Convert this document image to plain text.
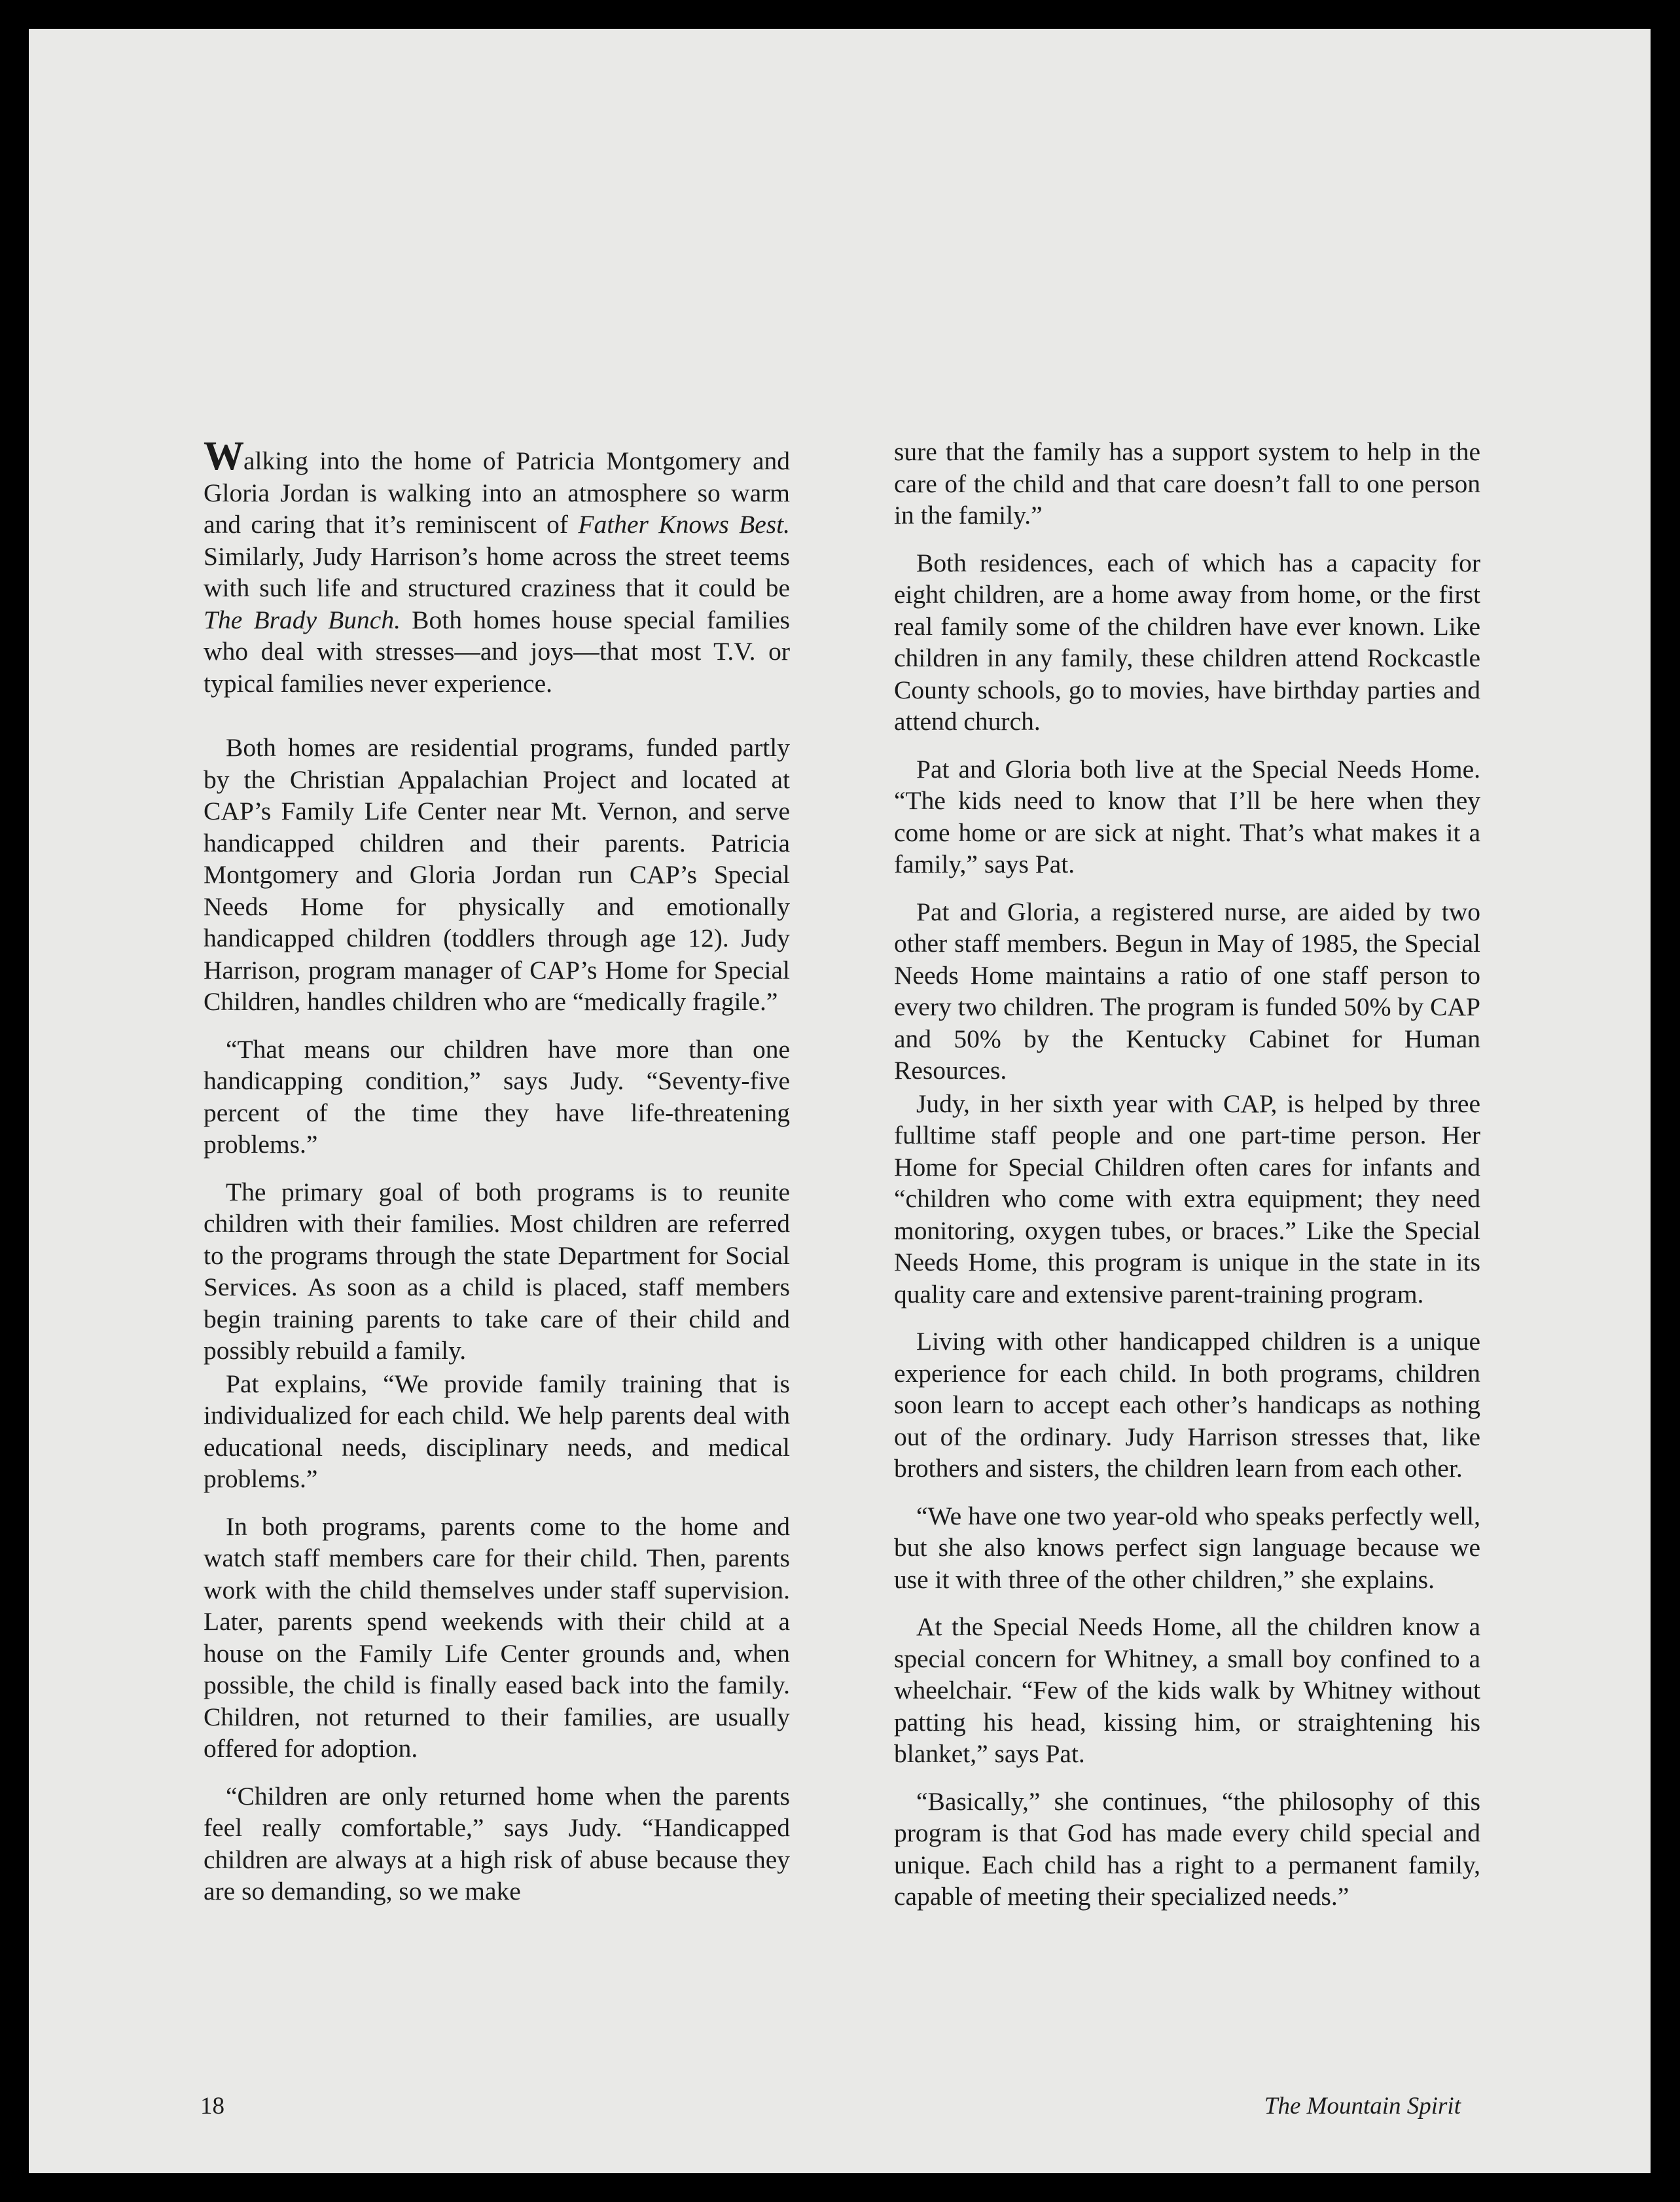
Walking into the home of Patricia Montgomery and Gloria Jordan is walking into an atmosphere so warm and caring that it’s reminiscent of Father Knows Best. Similarly, Judy Harrison’s home across the street teems with such life and structured craziness that it could be The Brady Bunch. Both homes house special families who deal with stresses—and joys—that most T.V. or typical families never experience.

Both homes are residential programs, funded partly by the Christian Appalachian Project and located at CAP’s Family Life Center near Mt. Vernon, and serve handicapped children and their parents. Patricia Montgomery and Gloria Jordan run CAP’s Special Needs Home for physically and emotionally handicapped children (toddlers through age 12). Judy Harrison, program manager of CAP’s Home for Special Children, handles children who are “medically fragile.”

“That means our children have more than one handicapping condition,” says Judy. “Seventy-five percent of the time they have life-threatening problems.”

The primary goal of both programs is to reunite children with their families. Most children are referred to the programs through the state Department for Social Services. As soon as a child is placed, staff members begin training parents to take care of their child and possibly rebuild a family.

Pat explains, “We provide family training that is individualized for each child. We help parents deal with educational needs, disciplinary needs, and medical problems.”

In both programs, parents come to the home and watch staff members care for their child. Then, parents work with the child themselves under staff supervision. Later, parents spend weekends with their child at a house on the Family Life Center grounds and, when possible, the child is finally eased back into the family. Children, not returned to their families, are usually offered for adoption.

“Children are only returned home when the parents feel really comfortable,” says Judy. “Handicapped children are always at a high risk of abuse because they are so demanding, so we make

sure that the family has a support system to help in the care of the child and that care doesn’t fall to one person in the family.”

Both residences, each of which has a capacity for eight children, are a home away from home, or the first real family some of the children have ever known. Like children in any family, these children attend Rockcastle County schools, go to movies, have birthday parties and attend church.

Pat and Gloria both live at the Special Needs Home. “The kids need to know that I’ll be here when they come home or are sick at night. That’s what makes it a family,” says Pat.

Pat and Gloria, a registered nurse, are aided by two other staff members. Begun in May of 1985, the Special Needs Home maintains a ratio of one staff person to every two children. The program is funded 50% by CAP and 50% by the Kentucky Cabinet for Human Resources.

Judy, in her sixth year with CAP, is helped by three fulltime staff people and one part-time person. Her Home for Special Children often cares for infants and “children who come with extra equipment; they need monitoring, oxygen tubes, or braces.” Like the Special Needs Home, this program is unique in the state in its quality care and extensive parent-training program.

Living with other handicapped children is a unique experience for each child. In both programs, children soon learn to accept each other’s handicaps as nothing out of the ordinary. Judy Harrison stresses that, like brothers and sisters, the children learn from each other.

“We have one two year-old who speaks perfectly well, but she also knows perfect sign language because we use it with three of the other children,” she explains.

At the Special Needs Home, all the children know a special concern for Whitney, a small boy confined to a wheelchair. “Few of the kids walk by Whitney without patting his head, kissing him, or straightening his blanket,” says Pat.

“Basically,” she continues, “the philosophy of this program is that God has made every child special and unique. Each child has a right to a permanent family, capable of meeting their specialized needs.”

18	The Mountain Spirit
